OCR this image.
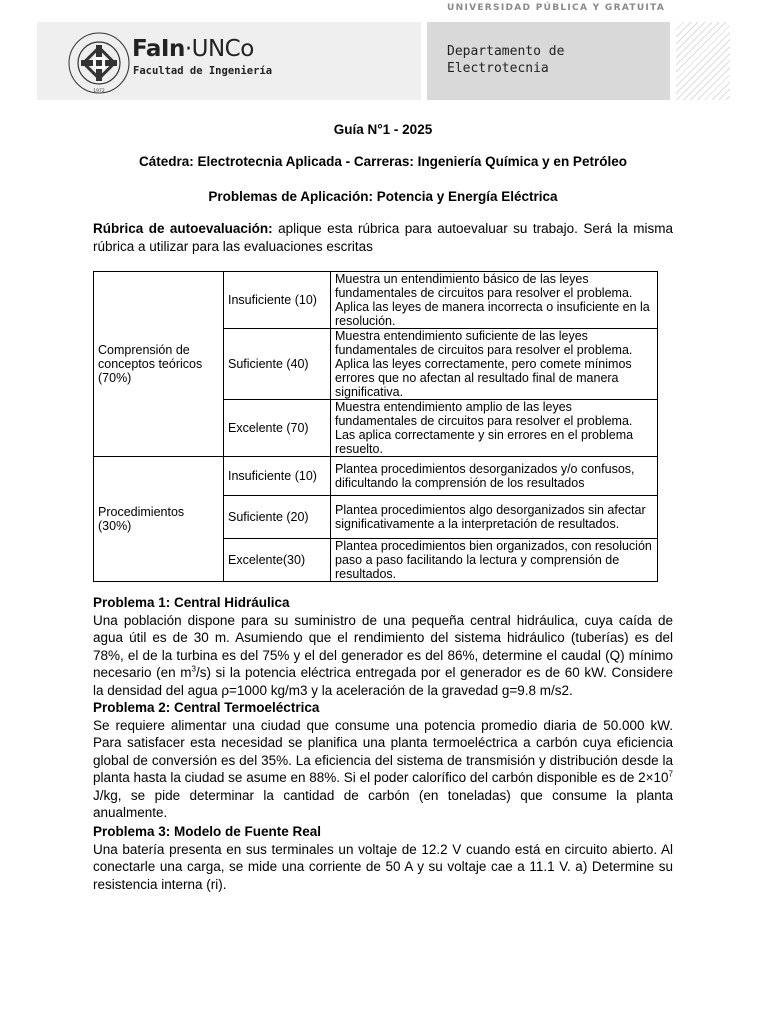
UNIVERSIDAD PÚBLICA Y GRATUITA
1972
FaIn·UNCo
Facultad de Ingeniería
Departamento de Electrotecnia
Guía N°1 - 2025
Cátedra: Electrotecnia Aplicada - Carreras: Ingeniería Química y en Petróleo
Problemas de Aplicación: Potencia y Energía Eléctrica
Rúbrica de autoevaluación: aplique esta rúbrica para autoevaluar su trabajo. Será la misma rúbrica a utilizar para las evaluaciones escritas
Comprensión de conceptos teóricos (70%)	Insuficiente (10)	Muestra un entendimiento básico de las leyes fundamentales de circuitos para resolver el problema. Aplica las leyes de manera incorrecta o insuficiente en la resolución.
	Suficiente (40)	Muestra entendimiento suficiente de las leyes fundamentales de circuitos para resolver el problema. Aplica las leyes correctamente, pero comete mínimos errores que no afectan al resultado final de manera significativa.
	Excelente (70)	Muestra entendimiento amplio de las leyes fundamentales de circuitos para resolver el problema. Las aplica correctamente y sin errores en el problema resuelto.
Procedimientos (30%)	Insuficiente (10)	Plantea procedimientos desorganizados y/o confusos, dificultando la comprensión de los resultados
	Suficiente (20)	Plantea procedimientos algo desorganizados sin afectar significativamente a la interpretación de resultados.
	Excelente(30)	Plantea procedimientos bien organizados, con resolución paso a paso facilitando la lectura y comprensión de resultados.
Problema 1: Central Hidráulica
Una población dispone para su suministro de una pequeña central hidráulica, cuya caída de agua útil es de 30 m. Asumiendo que el rendimiento del sistema hidráulico (tuberías) es del 78%, el de la turbina es del 75% y el del generador es del 86%, determine el caudal (Q) mínimo necesario (en $m^3/s$) si la potencia eléctrica entregada por el generador es de 60 kW. Considere la densidad del agua ρ=1000 kg/m3 y la aceleración de la gravedad g=9.8 m/s2.
Problema 2: Central Termoeléctrica
Se requiere alimentar una ciudad que consume una potencia promedio diaria de 50.000 kW. Para satisfacer esta necesidad se planifica una planta termoeléctrica a carbón cuya eficiencia global de conversión es del 35%. La eficiencia del sistema de transmisión y distribución desde la planta hasta la ciudad se asume en 88%. Si el poder calorífico del carbón disponible es de $2\times 10^7$ J/kg, se pide determinar la cantidad de carbón (en toneladas) que consume la planta anualmente.
Problema 3: Modelo de Fuente Real
Una batería presenta en sus terminales un voltaje de 12.2 V cuando está en circuito abierto. Al conectarle una carga, se mide una corriente de 50 A y su voltaje cae a 11.1 V. a) Determine su resistencia interna (ri).
